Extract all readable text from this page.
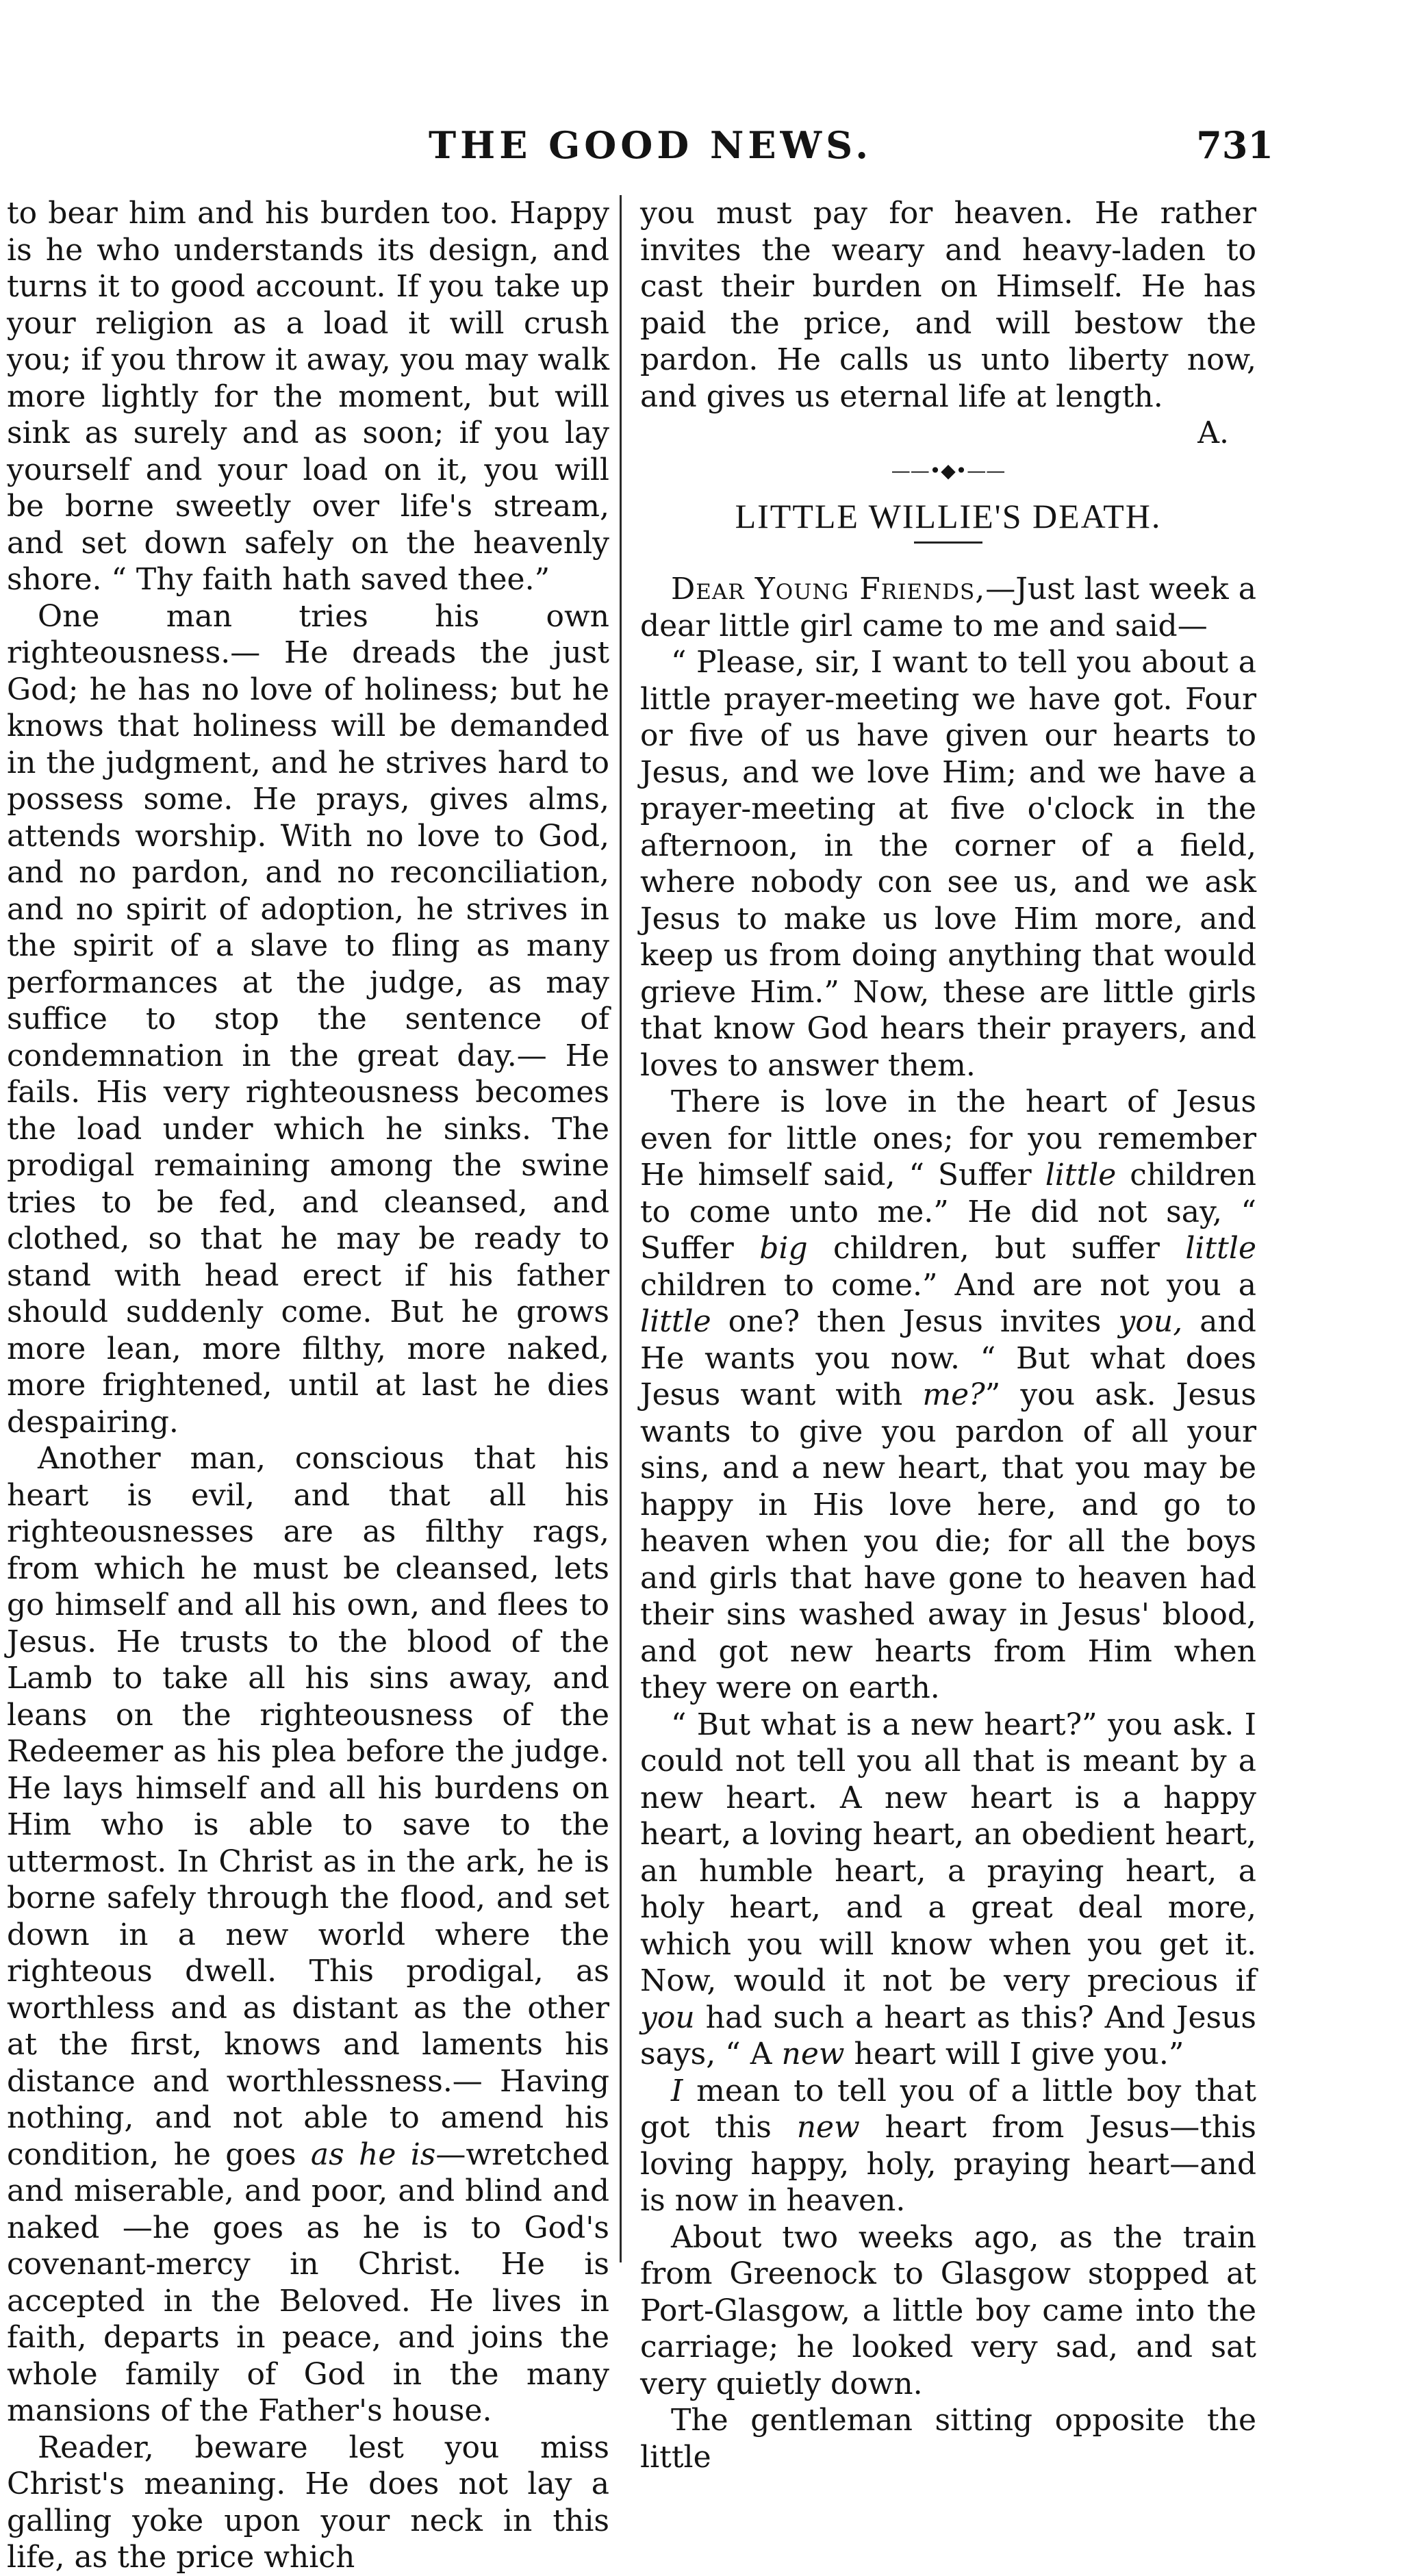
THE GOOD NEWS.	731

to bear him and his burden too. Happy is he who understands its design, and turns it to good account. If you take up your religion as a load it will crush you; if you throw it away, you may walk more lightly for the moment, but will sink as surely and as soon; if you lay yourself and your load on it, you will be borne sweetly over life's stream, and set down safely on the heavenly shore. “ Thy faith hath saved thee.”

One man tries his own righteousness.— He dreads the just God; he has no love of holiness; but he knows that holiness will be demanded in the judgment, and he strives hard to possess some. He prays, gives alms, attends worship. With no love to God, and no pardon, and no reconciliation, and no spirit of adoption, he strives in the spirit of a slave to fling as many performances at the judge, as may suffice to stop the sentence of condemnation in the great day.— He fails. His very righteousness becomes the load under which he sinks. The prodigal remaining among the swine tries to be fed, and cleansed, and clothed, so that he may be ready to stand with head erect if his father should suddenly come. But he grows more lean, more filthy, more naked, more frightened, until at last he dies despairing.

Another man, conscious that his heart is evil, and that all his righteousnesses are as filthy rags, from which he must be cleansed, lets go himself and all his own, and flees to Jesus. He trusts to the blood of the Lamb to take all his sins away, and leans on the righteousness of the Redeemer as his plea before the judge. He lays himself and all his burdens on Him who is able to save to the uttermost. In Christ as in the ark, he is borne safely through the flood, and set down in a new world where the righteous dwell. This prodigal, as worthless and as distant as the other at the first, knows and laments his distance and worthlessness.— Having nothing, and not able to amend his condition, he goes as he is—wretched and miserable, and poor, and blind and naked —he goes as he is to God's covenant-mercy in Christ. He is accepted in the Beloved. He lives in faith, departs in peace, and joins the whole family of God in the many mansions of the Father's house.

Reader, beware lest you miss Christ's meaning. He does not lay a galling yoke upon your neck in this life, as the price which

you must pay for heaven. He rather invites the weary and heavy-laden to cast their burden on Himself. He has paid the price, and will bestow the pardon. He calls us unto liberty now, and gives us eternal life at length.

A.

——•◆•——

LITTLE WILLIE'S DEATH.

Dear Young Friends,—Just last week a dear little girl came to me and said—

“ Please, sir, I want to tell you about a little prayer-meeting we have got. Four or five of us have given our hearts to Jesus, and we love Him; and we have a prayer-meeting at five o'clock in the afternoon, in the corner of a field, where nobody con see us, and we ask Jesus to make us love Him more, and keep us from doing anything that would grieve Him.” Now, these are little girls that know God hears their prayers, and loves to answer them.

There is love in the heart of Jesus even for little ones; for you remember He himself said, “ Suffer little children to come unto me.” He did not say, “ Suffer big children, but suffer little children to come.” And are not you a little one? then Jesus invites you, and He wants you now. “ But what does Jesus want with me?” you ask. Jesus wants to give you pardon of all your sins, and a new heart, that you may be happy in His love here, and go to heaven when you die; for all the boys and girls that have gone to heaven had their sins washed away in Jesus' blood, and got new hearts from Him when they were on earth.

“ But what is a new heart?” you ask. I could not tell you all that is meant by a new heart. A new heart is a happy heart, a loving heart, an obedient heart, an humble heart, a praying heart, a holy heart, and a great deal more, which you will know when you get it. Now, would it not be very precious if you had such a heart as this? And Jesus says, “ A new heart will I give you.”

I mean to tell you of a little boy that got this new heart from Jesus—this loving happy, holy, praying heart—and is now in heaven.

About two weeks ago, as the train from Greenock to Glasgow stopped at Port-Glasgow, a little boy came into the carriage; he looked very sad, and sat very quietly down.

The gentleman sitting opposite the little
